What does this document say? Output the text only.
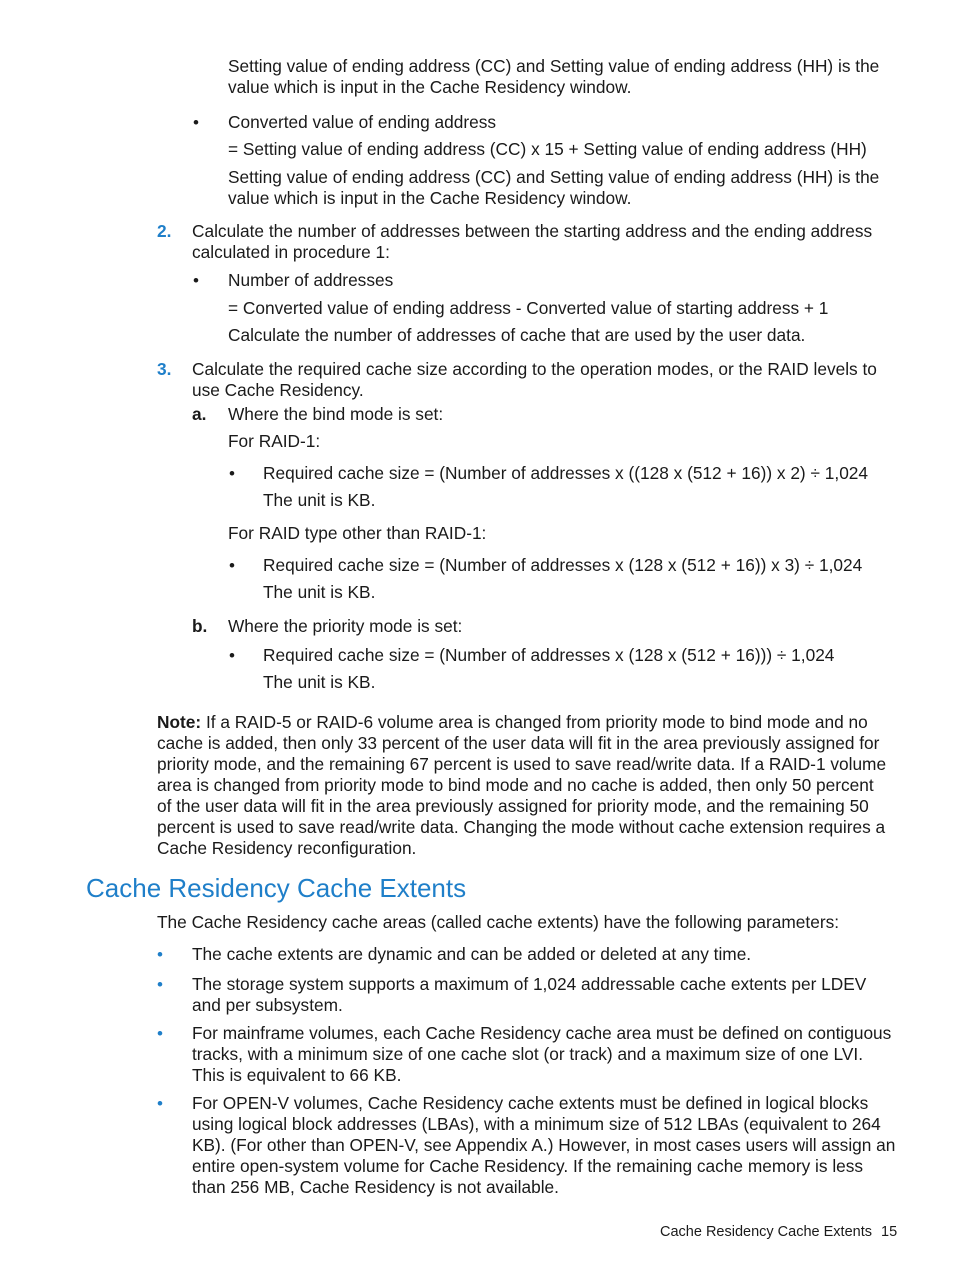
Setting value of ending address (CC) and Setting value of ending address (HH) is the value which is input in the Cache Residency window.

• Converted value of ending address

= Setting value of ending address (CC) x 15 + Setting value of ending address (HH)

Setting value of ending address (CC) and Setting value of ending address (HH) is the value which is input in the Cache Residency window.

2. Calculate the number of addresses between the starting address and the ending address calculated in procedure 1:

• Number of addresses

= Converted value of ending address - Converted value of starting address + 1

Calculate the number of addresses of cache that are used by the user data.

3. Calculate the required cache size according to the operation modes, or the RAID levels to use Cache Residency.

a. Where the bind mode is set:

For RAID-1:

• Required cache size = (Number of addresses x ((128 x (512 + 16)) x 2) ÷ 1,024

The unit is KB.

For RAID type other than RAID-1:

• Required cache size = (Number of addresses x (128 x (512 + 16)) x 3) ÷ 1,024

The unit is KB.

b. Where the priority mode is set:

• Required cache size = (Number of addresses x (128 x (512 + 16))) ÷ 1,024

The unit is KB.

Note: If a RAID-5 or RAID-6 volume area is changed from priority mode to bind mode and no cache is added, then only 33 percent of the user data will fit in the area previously assigned for priority mode, and the remaining 67 percent is used to save read/write data. If a RAID-1 volume area is changed from priority mode to bind mode and no cache is added, then only 50 percent of the user data will fit in the area previously assigned for priority mode, and the remaining 50 percent is used to save read/write data. Changing the mode without cache extension requires a Cache Residency reconfiguration.

Cache Residency Cache Extents

The Cache Residency cache areas (called cache extents) have the following parameters:

• The cache extents are dynamic and can be added or deleted at any time.

• The storage system supports a maximum of 1,024 addressable cache extents per LDEV and per subsystem.

• For mainframe volumes, each Cache Residency cache area must be defined on contiguous tracks, with a minimum size of one cache slot (or track) and a maximum size of one LVI. This is equivalent to 66 KB.

• For OPEN-V volumes, Cache Residency cache extents must be defined in logical blocks using logical block addresses (LBAs), with a minimum size of 512 LBAs (equivalent to 264 KB). (For other than OPEN-V, see Appendix A.) However, in most cases users will assign an entire open-system volume for Cache Residency. If the remaining cache memory is less than 256 MB, Cache Residency is not available.

Cache Residency Cache Extents 15
